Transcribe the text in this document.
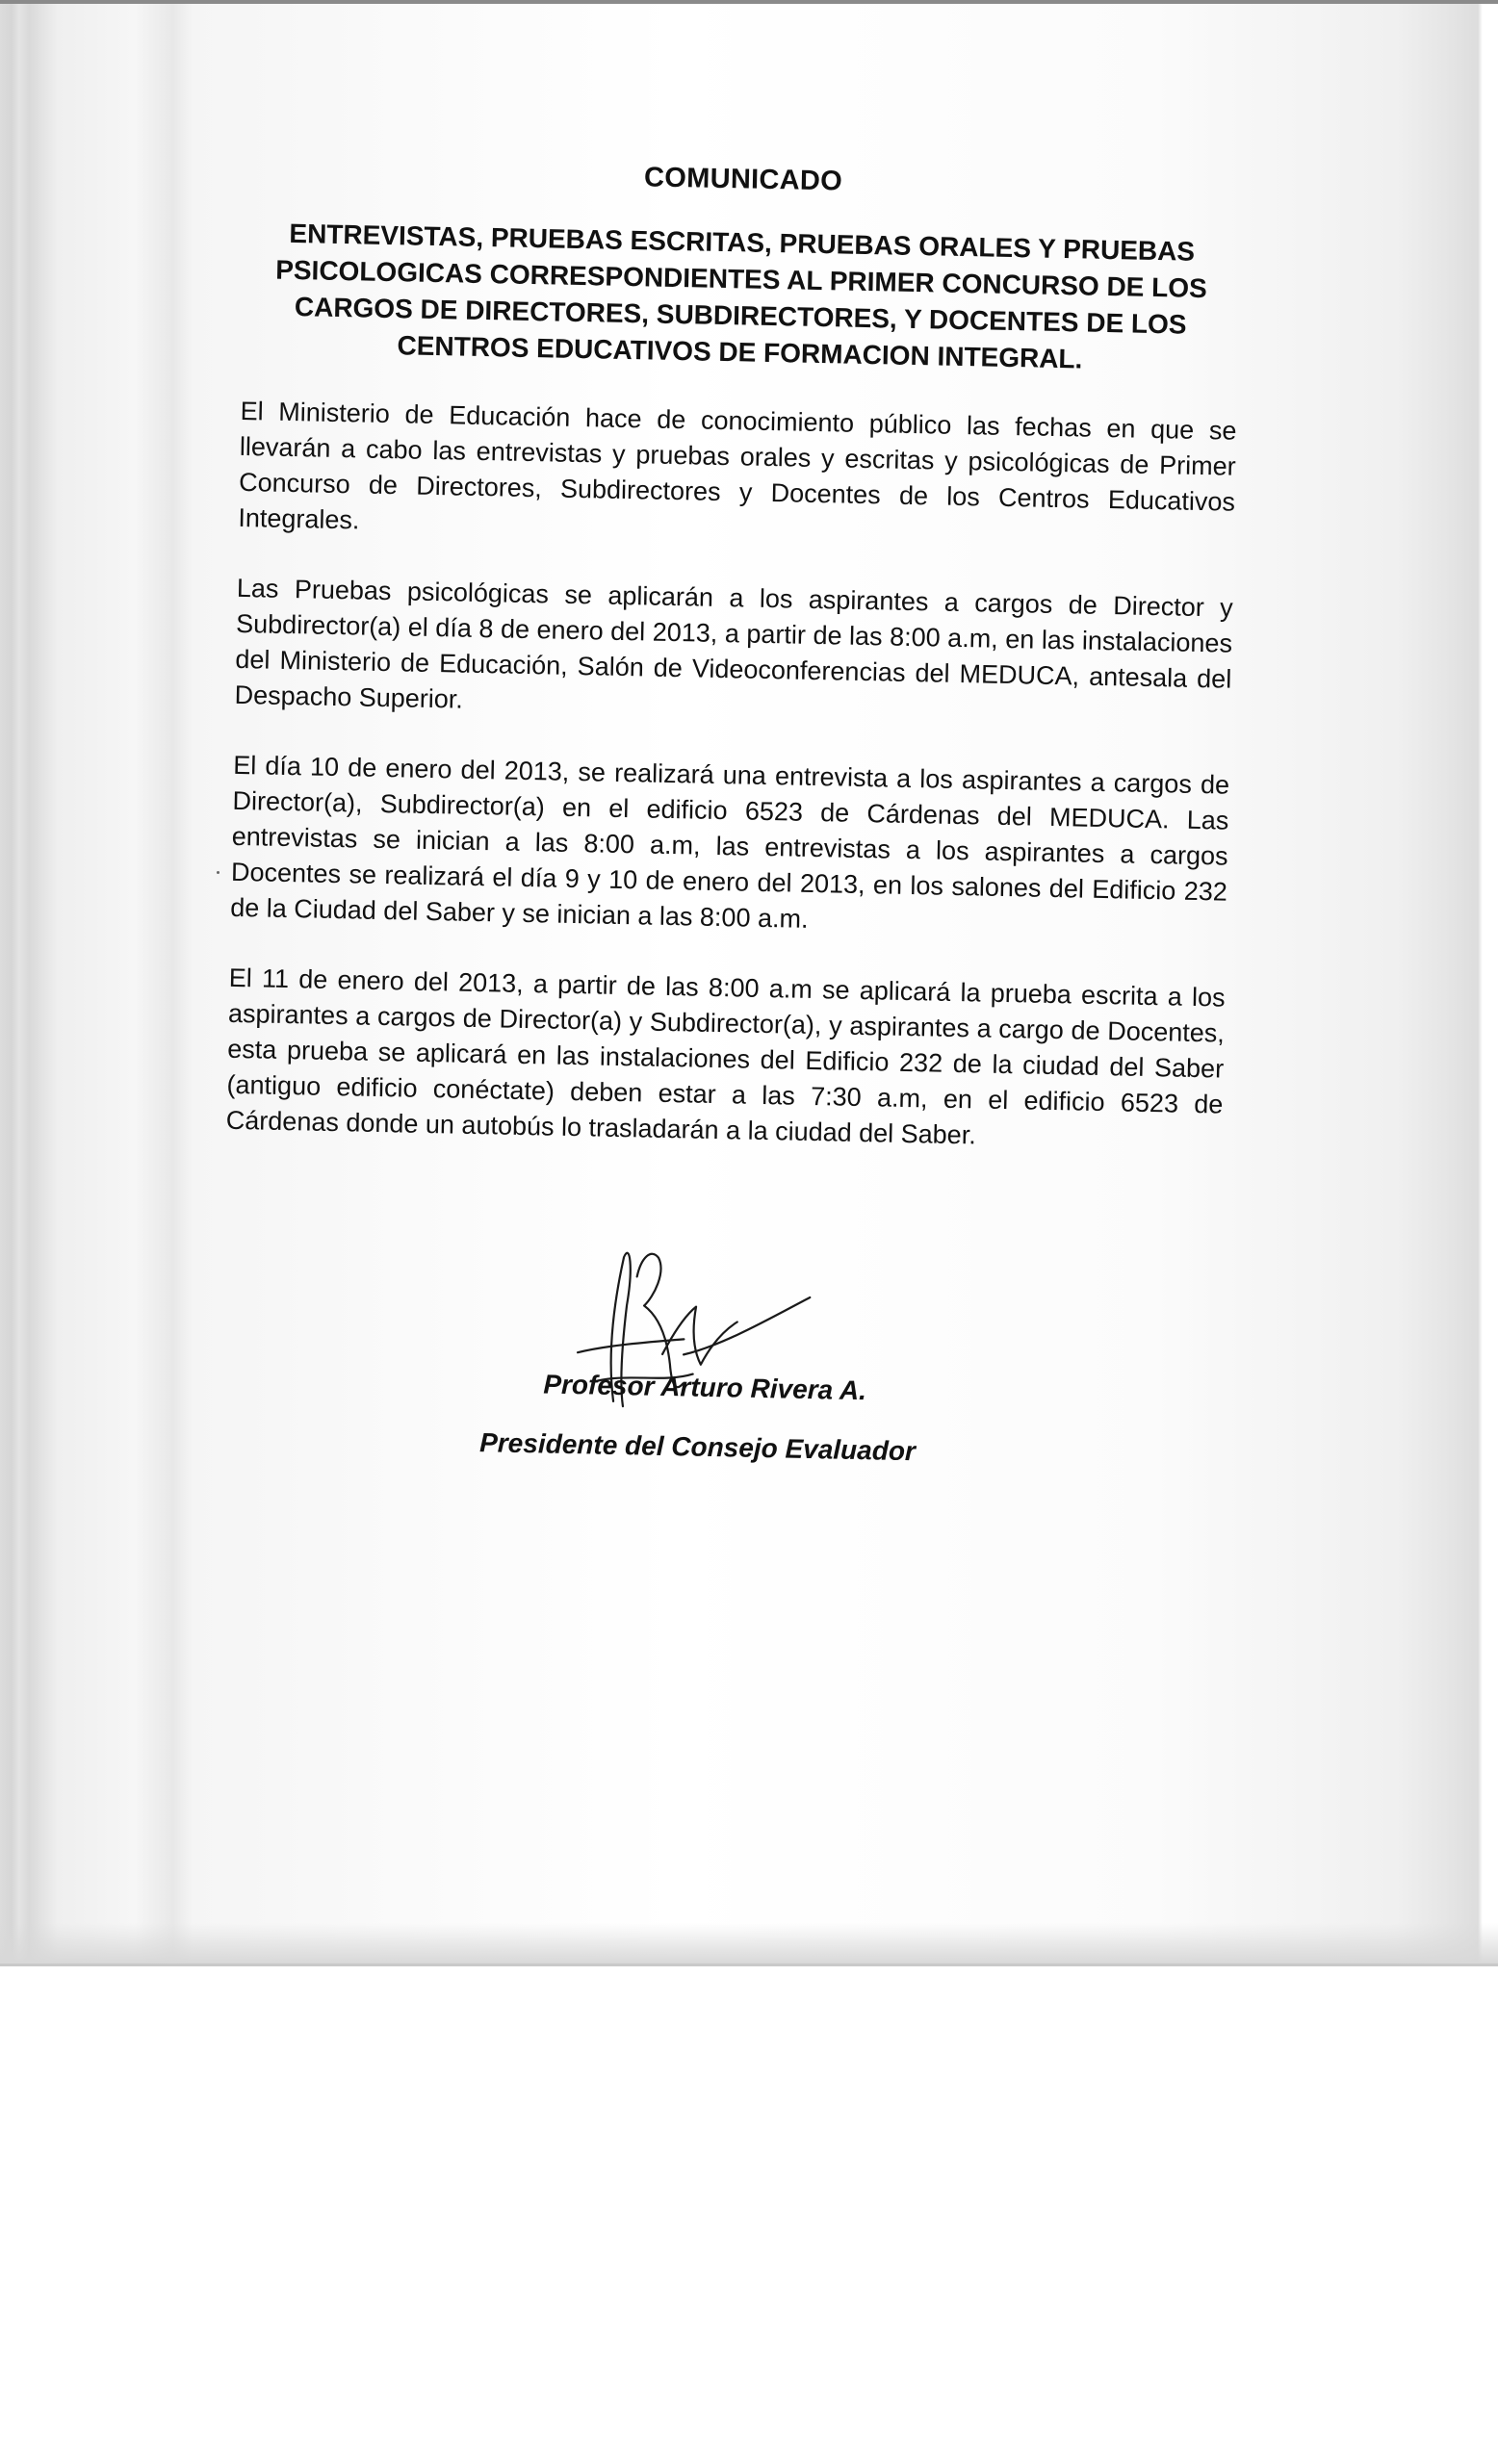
COMUNICADO
ENTREVISTAS, PRUEBAS ESCRITAS, PRUEBAS ORALES Y PRUEBAS PSICOLOGICAS CORRESPONDIENTES AL PRIMER CONCURSO DE LOS CARGOS DE DIRECTORES, SUBDIRECTORES, Y DOCENTES DE LOS CENTROS EDUCATIVOS DE FORMACION INTEGRAL.

El Ministerio de Educación hace de conocimiento público las fechas en que se llevarán a cabo las entrevistas y pruebas orales y escritas y psicológicas de Primer Concurso de Directores, Subdirectores y Docentes de los Centros Educativos Integrales.

Las Pruebas psicológicas se aplicarán a los aspirantes a cargos de Director y Subdirector(a) el día 8 de enero del 2013, a partir de las 8:00 a.m, en las instalaciones del Ministerio de Educación, Salón de Videoconferencias del MEDUCA, antesala del Despacho Superior.

El día 10 de enero del 2013, se realizará una entrevista a los aspirantes a cargos de Director(a), Subdirector(a) en el edificio 6523 de Cárdenas del MEDUCA. Las entrevistas se inician a las 8:00 a.m, las entrevistas a los aspirantes a cargos Docentes se realizará el día 9 y 10 de enero del 2013, en los salones del Edificio 232 de la Ciudad del Saber y se inician a las 8:00 a.m.

El 11 de enero del 2013, a partir de las 8:00 a.m se aplicará la prueba escrita a los aspirantes a cargos de Director(a) y Subdirector(a), y aspirantes a cargo de Docentes, esta prueba se aplicará en las instalaciones del Edificio 232 de la ciudad del Saber (antiguo edificio conéctate) deben estar a las 7:30 a.m, en el edificio 6523 de Cárdenas donde un autobús lo trasladarán a la ciudad del Saber.

Profesor Arturo Rivera A.
Presidente del Consejo Evaluador
